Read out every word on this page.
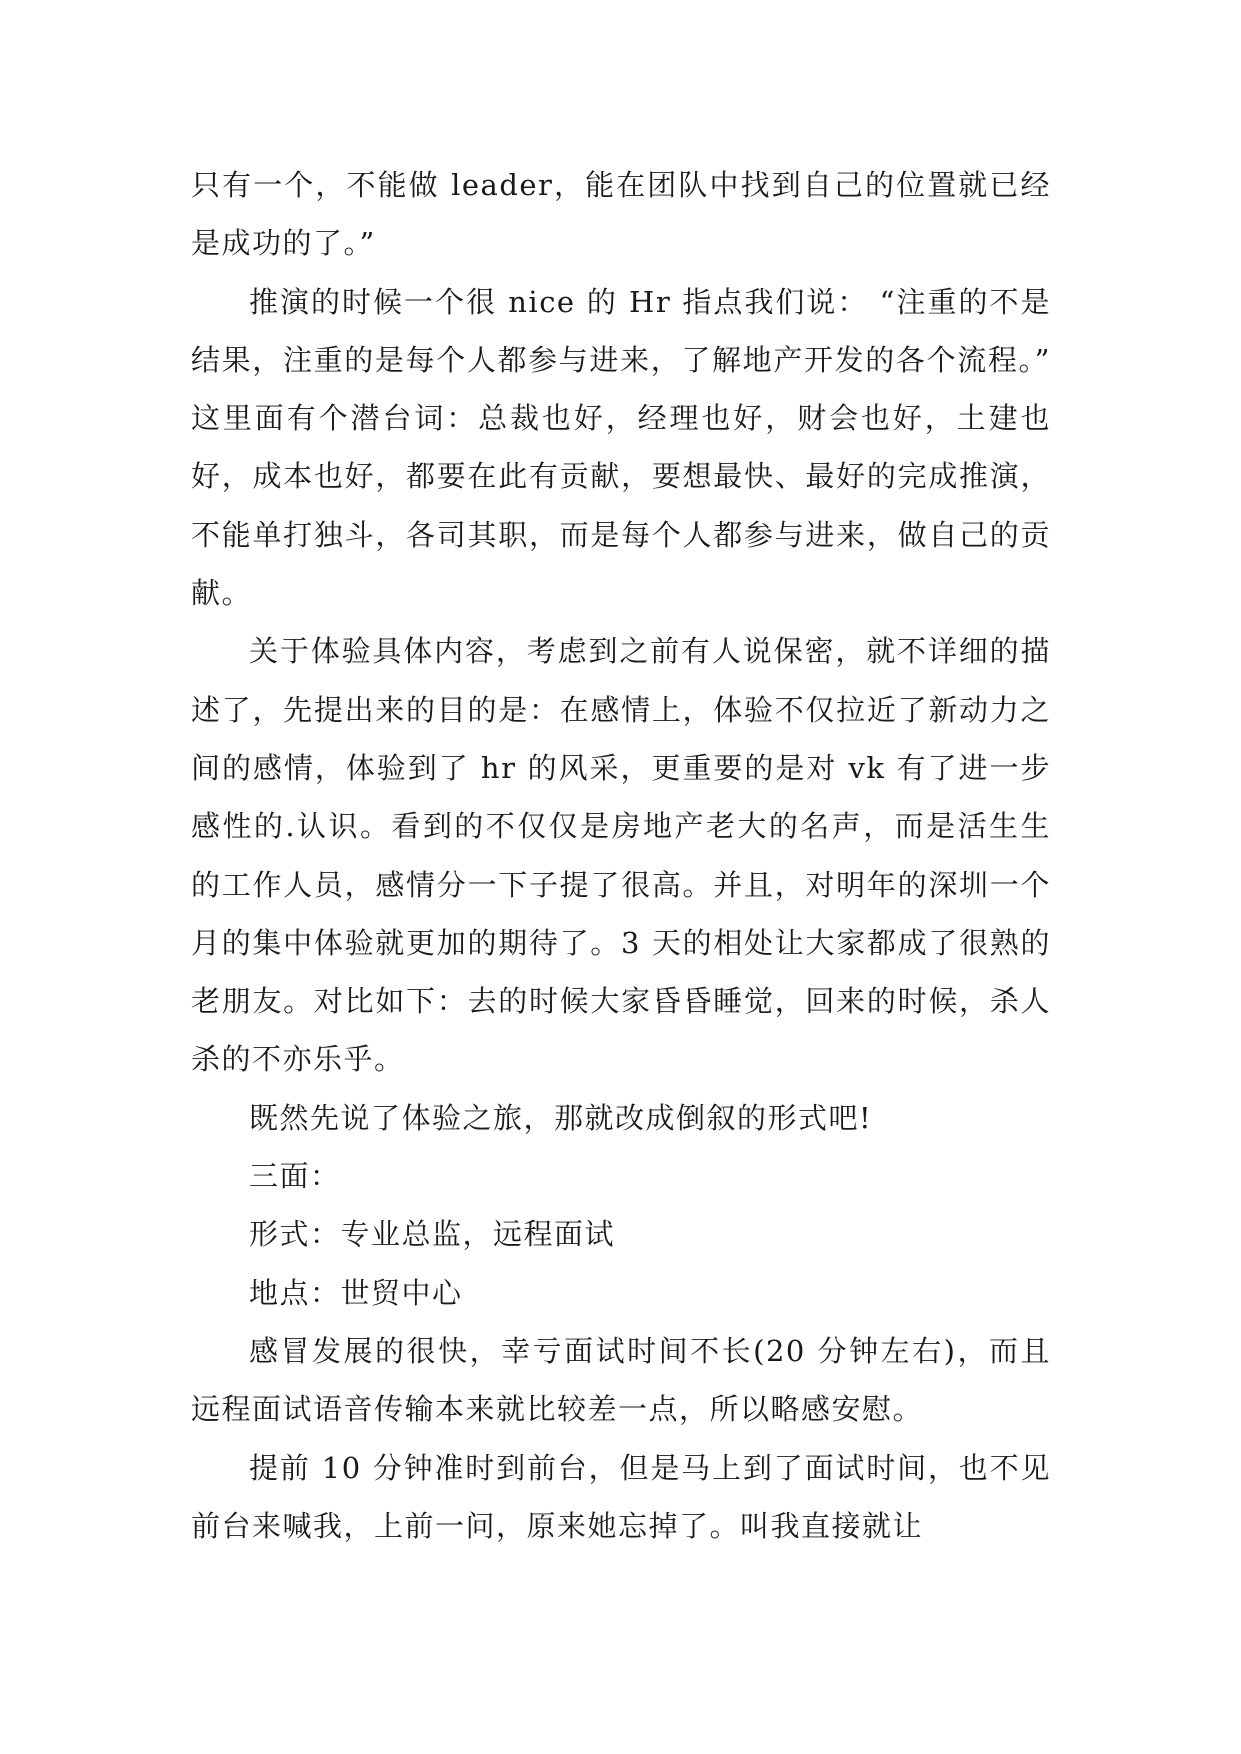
只有一个，不能做 leader，能在团队中找到自己的位置就已经是成功的了。”

推演的时候一个很 nice 的 Hr 指点我们说： “注重的不是结果，注重的是每个人都参与进来，了解地产开发的各个流程。” 这里面有个潜台词：总裁也好，经理也好，财会也好，土建也好，成本也好，都要在此有贡献，要想最快、最好的完成推演，不能单打独斗，各司其职，而是每个人都参与进来，做自己的贡献。

关于体验具体内容，考虑到之前有人说保密，就不详细的描述了，先提出来的目的是：在感情上，体验不仅拉近了新动力之间的感情，体验到了 hr 的风采，更重要的是对 vk 有了进一步感性的.认识。看到的不仅仅是房地产老大的名声，而是活生生的工作人员，感情分一下子提了很高。并且，对明年的深圳一个月的集中体验就更加的期待了。3 天的相处让大家都成了很熟的老朋友。对比如下：去的时候大家昏昏睡觉，回来的时候，杀人杀的不亦乐乎。

既然先说了体验之旅，那就改成倒叙的形式吧!

三面：

形式：专业总监，远程面试

地点：世贸中心

感冒发展的很快，幸亏面试时间不长(20 分钟左右)，而且远程面试语音传输本来就比较差一点，所以略感安慰。

提前 10 分钟准时到前台，但是马上到了面试时间，也不见前台来喊我，上前一问，原来她忘掉了。叫我直接就让
